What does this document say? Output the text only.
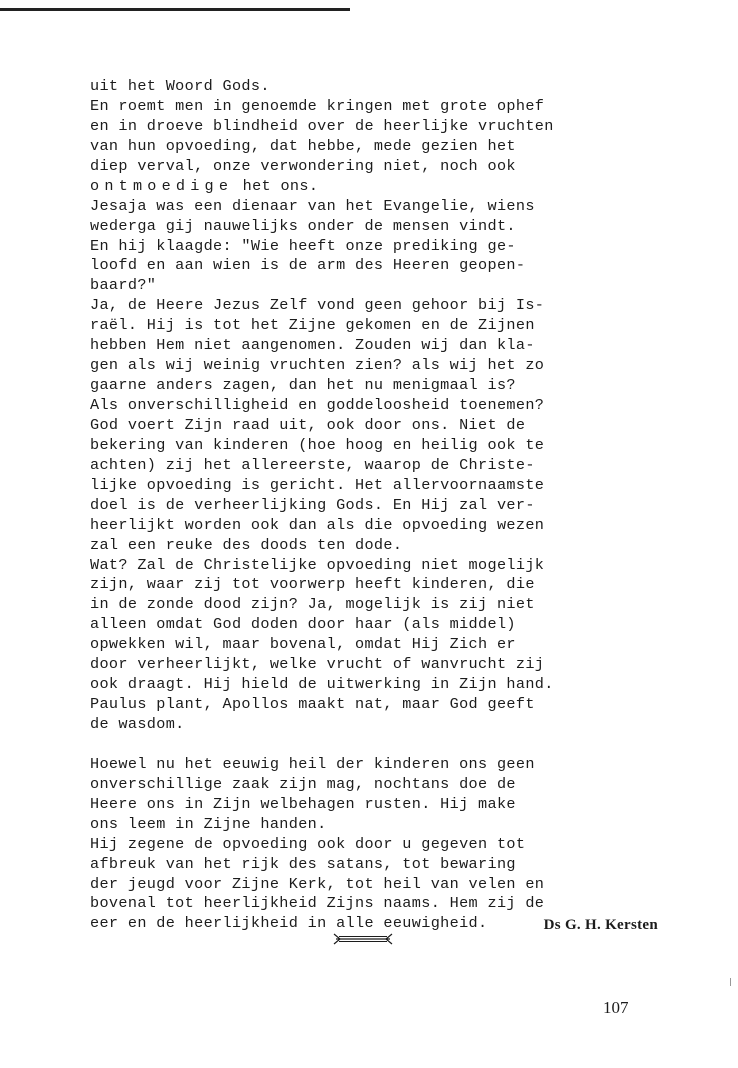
uit het Woord Gods.
En roemt men in genoemde kringen met grote ophef
en in droeve blindheid over de heerlijke vruchten
van hun opvoeding, dat hebbe, mede gezien het
diep verval, onze verwondering niet, noch ook
ontmoedige het ons.
Jesaja was een dienaar van het Evangelie, wiens
wederga gij nauwelijks onder de mensen vindt.
En hij klaagde: "Wie heeft onze prediking ge-
loofd en aan wien is de arm des Heeren geopen-
baard?"
Ja, de Heere Jezus Zelf vond geen gehoor bij Is-
raël. Hij is tot het Zijne gekomen en de Zijnen
hebben Hem niet aangenomen. Zouden wij dan kla-
gen als wij weinig vruchten zien? als wij het zo
gaarne anders zagen, dan het nu menigmaal is?
Als onverschilligheid en goddeloosheid toenemen?
God voert Zijn raad uit, ook door ons. Niet de
bekering van kinderen (hoe hoog en heilig ook te
achten) zij het allereerste, waarop de Christe-
lijke opvoeding is gericht. Het allervoornaamste
doel is de verheerlijking Gods. En Hij zal ver-
heerlijkt worden ook dan als die opvoeding wezen
zal een reuke des doods ten dode.
Wat? Zal de Christelijke opvoeding niet mogelijk
zijn, waar zij tot voorwerp heeft kinderen, die
in de zonde dood zijn? Ja, mogelijk is zij niet
alleen omdat God doden door haar (als middel)
opwekken wil, maar bovenal, omdat Hij Zich er
door verheerlijkt, welke vrucht of wanvrucht zij
ook draagt. Hij hield de uitwerking in Zijn hand.
Paulus plant, Apollos maakt nat, maar God geeft
de wasdom.
Hoewel nu het eeuwig heil der kinderen ons geen
onverschillige zaak zijn mag, nochtans doe de
Heere ons in Zijn welbehagen rusten. Hij make
ons leem in Zijne handen.
Hij zegene de opvoeding ook door u gegeven tot
afbreuk van het rijk des satans, tot bewaring
der jeugd voor Zijne Kerk, tot heil van velen en
bovenal tot heerlijkheid Zijns naams. Hem zij de
eer en de heerlijkheid in alle eeuwigheid.	Ds G. H. Kersten
107
